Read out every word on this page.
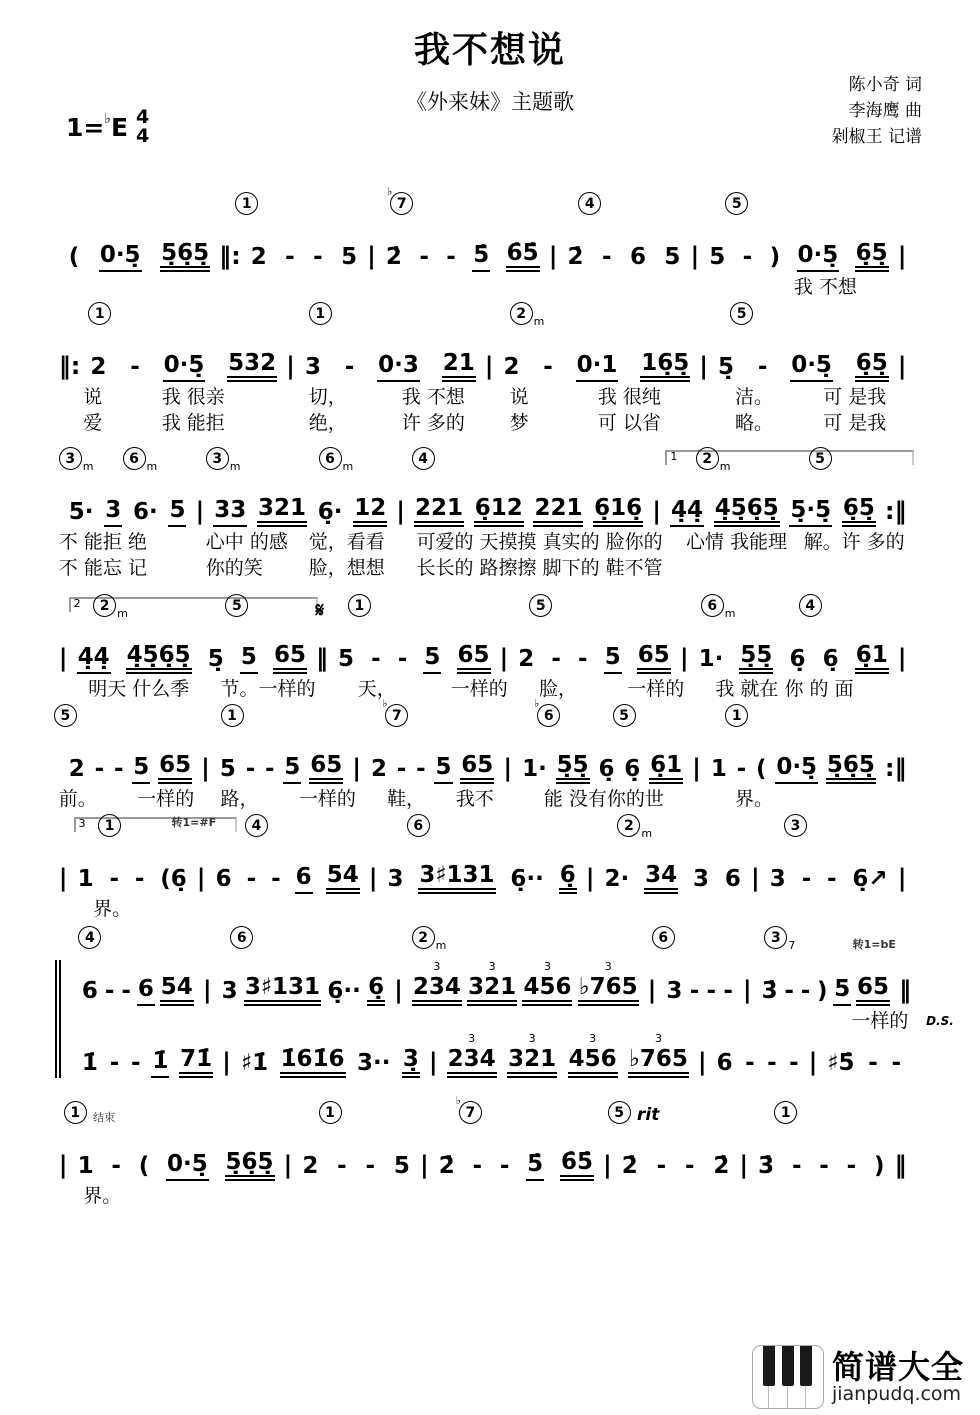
我不想说
《外来妹》主题歌
陈小奇 词
李海鹰 曲
剁椒王 记谱
1= ♭ E 4
4
1
♭
7	4	5
( 0·5̣ 5̣6̣5̣ ‖: 2 - - 5 | 2̇ - - 5̇ 6̇5̇ | 2̇ - 6 5 | 5 - ) 0·5̣ 6̣5̣ |
我 不想
1	1	2 m	5
‖: 2 - 0·5̣ 532 | 3 - 0·3 21 | 2 - 0·1 16̣5̣ | 5̣ - 0·5̣ 6̣5̣ |
说	我 很亲	切，	我 不想 说	我 很纯	洁。	可 是我
爱	我 能拒	绝，	许 多的 梦	可 以省	略。	可 是我
1
3 m	6 m	3 m	6 m	4	2 m	5
5· 3 6· 5 | 33 321 6̣· 12 | 221 6̣12 221 6̣16̣ | 4̣4̣ 4̣5̣6̣5̣ 5̣·5̣ 6̣5̣ :‖
不 能拒 绝	心中 的感 觉，看看 可爱的 天摸摸 真实的 脸你的 心情 我能理 解。许 多的
不 能忘 记	你的笑 脸，想想 长长的 路擦擦 脚下的 鞋不管
2	2 m	5	1	5	6 m	4
𝄋
| 4̣4̣ 4̣5̣6̣5̣ 5̣ 5 65 ‖ 5 - - 5 65 | 2 - - 5 65 | 1· 5̣5̣ 6̣ 6̣ 6̣1 |
明天 什么季 节。一样的 天，	一样的 脸，	一样的 我 就在 你 的 面
5	1
♭
7
♭
6	5	1
2 - - 5 65 | 5 - - 5 65 | 2 - - 5 65 | 1· 5̣5̣ 6̣ 6̣ 6̣1 | 1 - ( 0·5̣ 5̣6̣5̣ :‖
前。 一样的 路， 一样的 鞋， 我不	能 没有你的世	界。
3	1	4	6	2 m	3
转1=#F
| 1 - - (6̣ | 6 - - 6 54 | 3 3♯131 6̣·· 6̣ | 2· 34 3 6 | 3 - - 6̣↗ |
界。
4	6	2 m	6	3 7	转1=bE
D.S.
6 - - 6 54 | 3 3♯131 6̣·· 6̣ | 234
3
321
3
456
3
♭765
3
| 3 - - - | 3̇ - - ) 5 65 ‖
一样的
1̇ - - 1̇ 71̇ | ♯1̇ 1̇61̇6 3·· 3̣ | 234
3
321
3
456
3
♭765
3
| 6 - - - | ♯5̇ - -
1	1
♭
7	5	1
结束	rit
| 1 - ( 0·5̣ 5̣6̣5̣ | 2 - - 5 | 2̇ - - 5̇ 6̇5̇ | 2̇ - - 2̇ | 3̇ - - - ) ‖
界。
简谱大全
jianpudq.com
